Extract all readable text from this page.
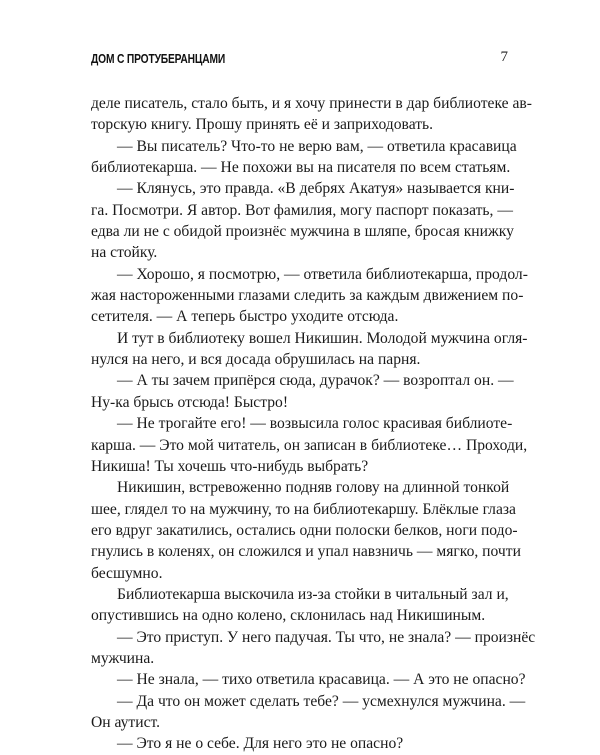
ДОМ С ПРОТУБЕРАНЦАМИ	7
деле писатель, стало быть, и я хочу принести в дар библиотеке ав-
торскую книгу. Прошу принять её и заприходовать.
— Вы писатель? Что-то не верю вам, — ответила красавица
библиотекарша. — Не похожи вы на писателя по всем статьям.
— Клянусь, это правда. «В дебрях Акатуя» называется кни-
га. Посмотри. Я автор. Вот фамилия, могу паспорт показать, —
едва ли не с обидой произнёс мужчина в шляпе, бросая книжку
на стойку.
— Хорошо, я посмотрю, — ответила библиотекарша, продол-
жая настороженными глазами следить за каждым движением по-
сетителя. — А теперь быстро уходите отсюда.
И тут в библиотеку вошел Никишин. Молодой мужчина огля-
нулся на него, и вся досада обрушилась на парня.
— А ты зачем припёрся сюда, дурачок? — возроптал он. —
Ну-ка брысь отсюда! Быстро!
— Не трогайте его! — возвысила голос красивая библиоте-
карша. — Это мой читатель, он записан в библиотеке… Проходи,
Никиша! Ты хочешь что-нибудь выбрать?
Никишин, встревоженно подняв голову на длинной тонкой
шее, глядел то на мужчину, то на библиотекаршу. Блёклые глаза
его вдруг закатились, остались одни полоски белков, ноги подо-
гнулись в коленях, он сложился и упал навзничь — мягко, почти
бесшумно.
Библиотекарша выскочила из-за стойки в читальный зал и,
опустившись на одно колено, склонилась над Никишиным.
— Это приступ. У него падучая. Ты что, не знала? — произнёс
мужчина.
— Не знала, — тихо ответила красавица. — А это не опасно?
— Да что он может сделать тебе? — усмехнулся мужчина. —
Он аутист.
— Это я не о себе. Для него это не опасно?
